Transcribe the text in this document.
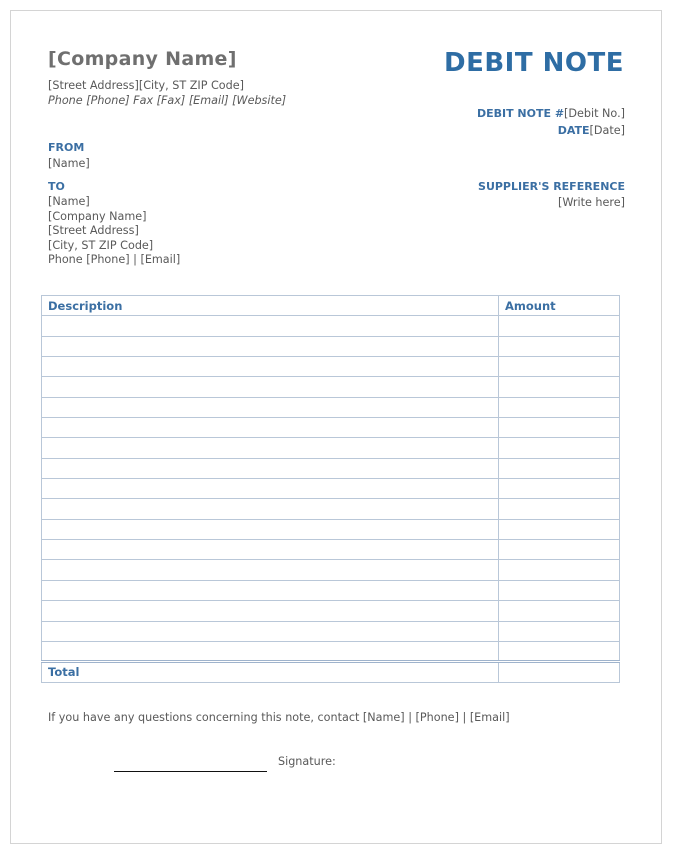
[Company Name]
[Street Address][City, ST ZIP Code]
Phone [Phone] Fax [Fax] [Email] [Website]
DEBIT NOTE
DEBIT NOTE #[Debit No.]
DATE[Date]
FROM
[Name]
TO
[Name]
[Company Name]
[Street Address]
[City, ST ZIP Code]
Phone [Phone] | [Email]
SUPPLIER'S REFERENCE
[Write here]
Description	Amount

Total	
If you have any questions concerning this note, contact [Name] | [Phone] | [Email]
Signature:
